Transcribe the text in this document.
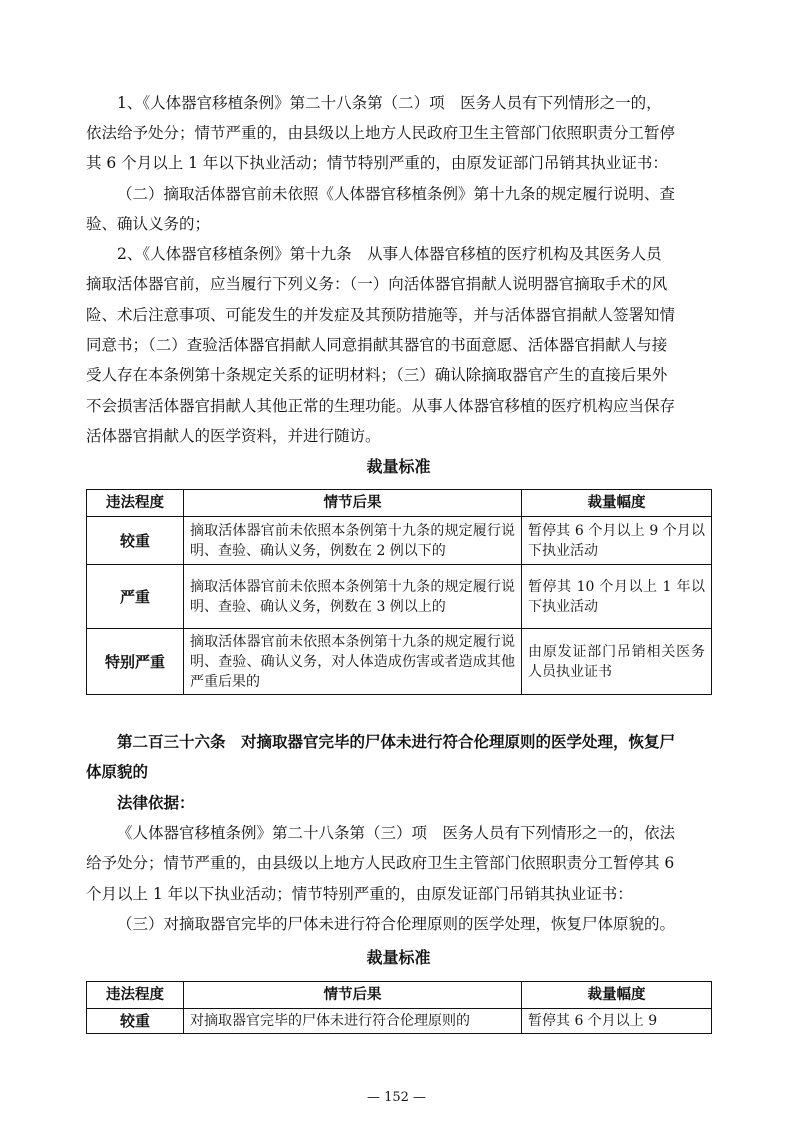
1、《人体器官移植条例》第二十八条第（二）项　医务人员有下列情形之一的，

依法给予处分；情节严重的，由县级以上地方人民政府卫生主管部门依照职责分工暂停

其 6 个月以上 1 年以下执业活动；情节特别严重的，由原发证部门吊销其执业证书：

（二）摘取活体器官前未依照《人体器官移植条例》第十九条的规定履行说明、查

验、确认义务的；

2、《人体器官移植条例》第十九条　从事人体器官移植的医疗机构及其医务人员

摘取活体器官前，应当履行下列义务：（一）向活体器官捐献人说明器官摘取手术的风

险、术后注意事项、可能发生的并发症及其预防措施等，并与活体器官捐献人签署知情

同意书；（二）查验活体器官捐献人同意捐献其器官的书面意愿、活体器官捐献人与接

受人存在本条例第十条规定关系的证明材料；（三）确认除摘取器官产生的直接后果外

不会损害活体器官捐献人其他正常的生理功能。从事人体器官移植的医疗机构应当保存

活体器官捐献人的医学资料，并进行随访。

裁量标准

违法程度	情节后果	裁量幅度
较重	摘取活体器官前未依照本条例第十九条的规定履行说明、查验、确认义务，例数在 2 例以下的	暂停其 6 个月以上 9 个月以下执业活动
严重	摘取活体器官前未依照本条例第十九条的规定履行说明、查验、确认义务，例数在 3 例以上的	暂停其 10 个月以上 1 年以下执业活动
特别严重	摘取活体器官前未依照本条例第十九条的规定履行说明、查验、确认义务，对人体造成伤害或者造成其他严重后果的	由原发证部门吊销相关医务人员执业证书

第二百三十六条　对摘取器官完毕的尸体未进行符合伦理原则的医学处理，恢复尸

体原貌的

法律依据：

《人体器官移植条例》第二十八条第（三）项　医务人员有下列情形之一的，依法

给予处分；情节严重的，由县级以上地方人民政府卫生主管部门依照职责分工暂停其 6

个月以上 1 年以下执业活动；情节特别严重的，由原发证部门吊销其执业证书：

（三）对摘取器官完毕的尸体未进行符合伦理原则的医学处理，恢复尸体原貌的。

裁量标准

违法程度	情节后果	裁量幅度
较重	对摘取器官完毕的尸体未进行符合伦理原则的	暂停其 6 个月以上 9
— 152 —
